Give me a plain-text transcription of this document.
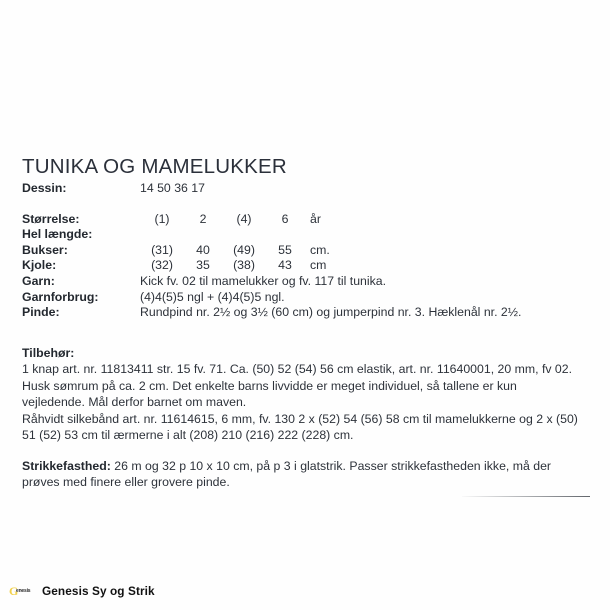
TUNIKA OG MAMELUKKER
Dessin:	14 50 36 17
Størrelse:	(1)	2	(4)	6	år
Hel længde:
Bukser:	(31)	40	(49)	55	cm.
Kjole:	(32)	35	(38)	43	cm
Garn:	Kick fv. 02 til mamelukker og fv. 117 til tunika.
Garnforbrug:	(4)4(5)5 ngl + (4)4(5)5 ngl.
Pinde:	Rundpind nr. 2½ og 3½ (60 cm) og jumperpind nr. 3. Hæklenål nr. 2½.
Tilbehør:
1 knap art. nr. 11813411 str. 15 fv. 71. Ca. (50) 52 (54) 56 cm elastik, art. nr. 11640001, 20 mm, fv 02. Husk sømrum på ca. 2 cm. Det enkelte barns livvidde er meget individuel, så tallene er kun vejledende. Mål derfor barnet om maven.
Råhvidt silkebånd art. nr. 11614615, 6 mm, fv. 130 2 x (52) 54 (56) 58 cm til mamelukkerne og 2 x (50) 51 (52) 53 cm til ærmerne i alt (208) 210 (216) 222 (228) cm.

Strikkefasthed: 26 m og 32 p 10 x 10 cm, på p 3 i glatstrik. Passer strikkefastheden ikke, må der prøves med finere eller grovere pinde.

G
enesis Genesis Sy og Strik
